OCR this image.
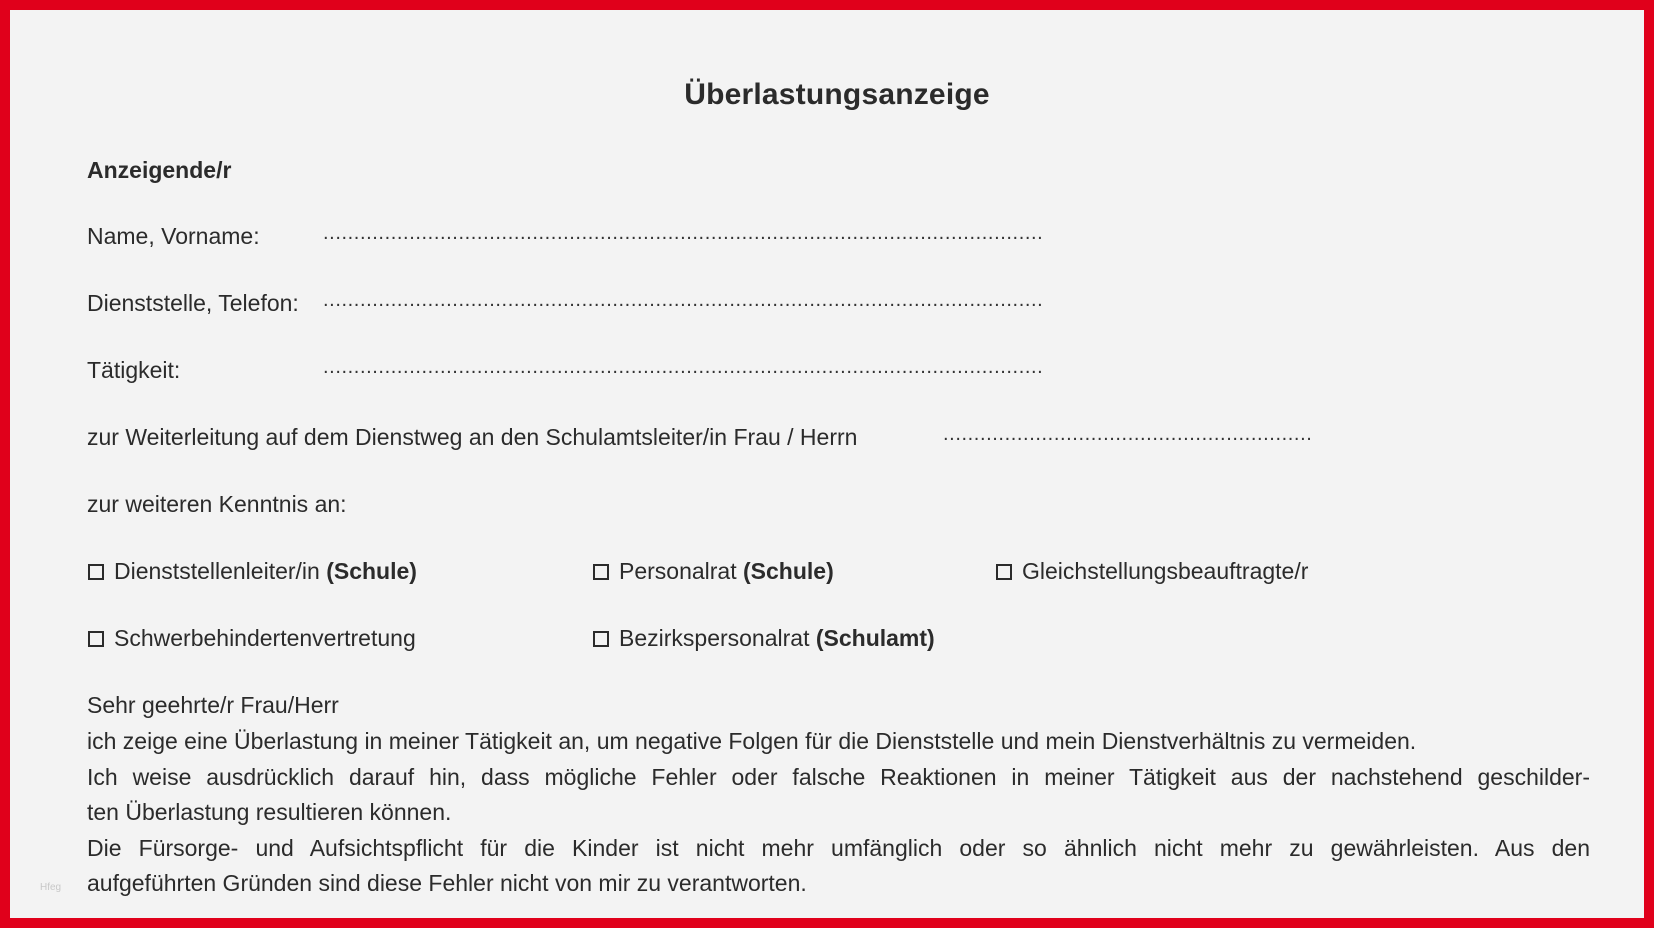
Überlastungsanzeige
Anzeigende/r
Name, Vorname:	.....................................................................................................................
Dienststelle, Telefon: .....................................................................................................................
Tätigkeit:	.....................................................................................................................
zur Weiterleitung auf dem Dienstweg an den Schulamtsleiter/in Frau / Herrn	............................................................
zur weiteren Kenntnis an:
Dienststellenleiter/in (Schule)	Personalrat (Schule)	Gleichstellungsbeauftragte/r
Schwerbehindertenvertretung	Bezirkspersonalrat (Schulamt)
Sehr geehrte/r Frau/Herr

ich zeige eine Überlastung in meiner Tätigkeit an, um negative Folgen für die Dienststelle und mein Dienstverhältnis zu vermeiden.

Ich weise ausdrücklich darauf hin, dass mögliche Fehler oder falsche Reaktionen in meiner Tätigkeit aus der nachstehend geschilder-

ten Überlastung resultieren können.

Die Fürsorge- und Aufsichtspflicht für die Kinder ist nicht mehr umfänglich oder so ähnlich nicht mehr zu gewährleisten. Aus den

aufgeführten Gründen sind diese Fehler nicht von mir zu verantworten.

Hfeg
